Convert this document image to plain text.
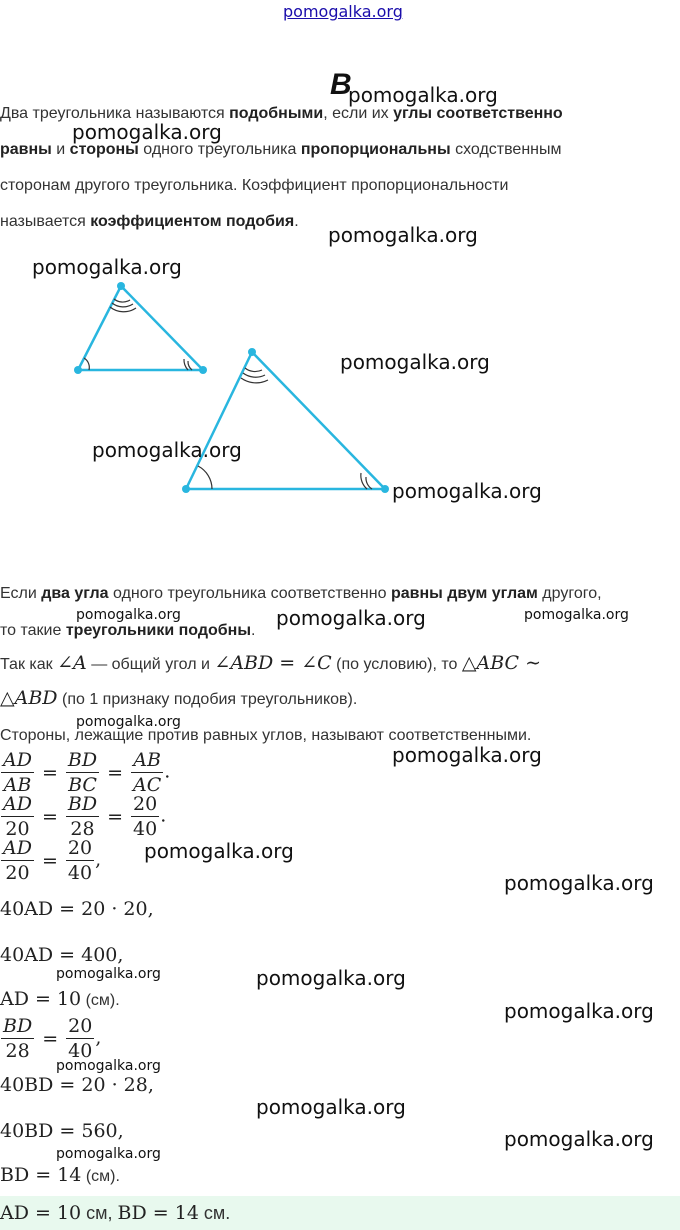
pomogalka.org
В
Два треугольника называются подобными, если их углы соответственно
равны и стороны одного треугольника пропорциональны сходственным
сторонам другого треугольника. Коэффициент пропорциональности
называется коэффициентом подобия.
Если два угла одного треугольника соответственно равны двум углам другого,
то такие треугольники подобны.
Так как ∠A — общий угол и ∠ABD = ∠C (по условию), то △ABC ∼
△ABD (по 1 признаку подобия треугольников).
Стороны, лежащие против равных углов, называют соответственными.
$\frac{AD}{AB} = \frac{BD}{BC} = \frac{AB}{AC}$ .
$\frac{AD}{20} = \frac{BD}{28} = \frac{20}{40}$ .
$\frac{AD}{20} = \frac{20}{40}$ ,
40AD = 20 · 20,
40AD = 400,
AD = 10 (см).
$\frac{BD}{28} = \frac{20}{40}$ ,
40BD = 20 · 28,
40BD = 560,
BD = 14 (см).
AD = 10 см, BD = 14 см.
pomogalka.org
pomogalka.org
pomogalka.org
pomogalka.org
pomogalka.org
pomogalka.org
pomogalka.org
pomogalka.org	pomogalka.org	pomogalka.org
pomogalka.org
pomogalka.org
pomogalka.org
pomogalka.org
pomogalka.org	pomogalka.org
pomogalka.org
pomogalka.org
pomogalka.org
pomogalka.org
pomogalka.org
